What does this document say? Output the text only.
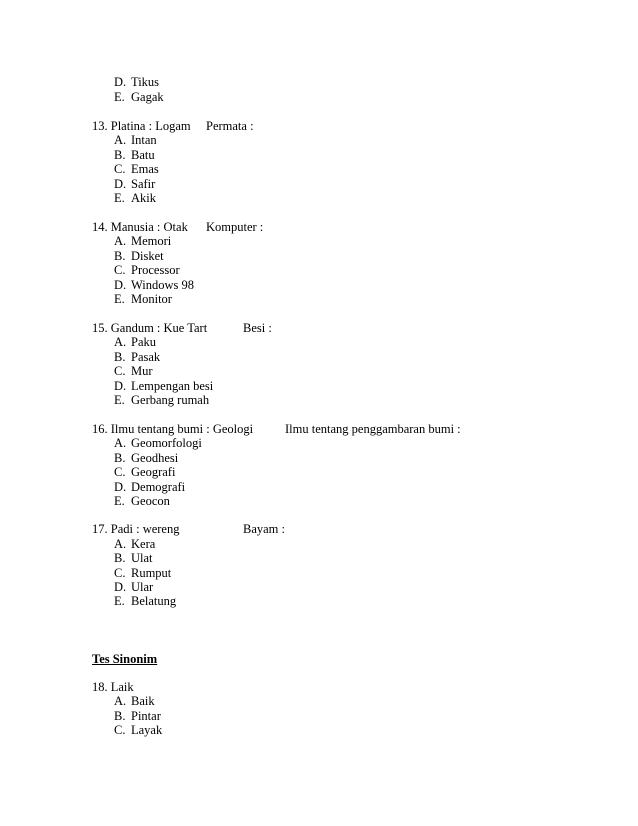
D. Tikus
E. Gagak
13. Platina : Logam Permata :
A. Intan
B. Batu
C. Emas
D. Safir
E. Akik
14. Manusia : Otak Komputer :
A. Memori
B. Disket
C. Processor
D. Windows 98
E. Monitor
15. Gandum : Kue Tart	Besi :
A. Paku
B. Pasak
C. Mur
D. Lempengan besi
E. Gerbang rumah
16. Ilmu tentang bumi : Geologi	Ilmu tentang penggambaran bumi :
A. Geomorfologi
B. Geodhesi
C. Geografi
D. Demografi
E. Geocon
17. Padi : wereng	Bayam :
A. Kera
B. Ulat
C. Rumput
D. Ular
E. Belatung
Tes Sinonim
18. Laik
A. Baik
B. Pintar
C. Layak
